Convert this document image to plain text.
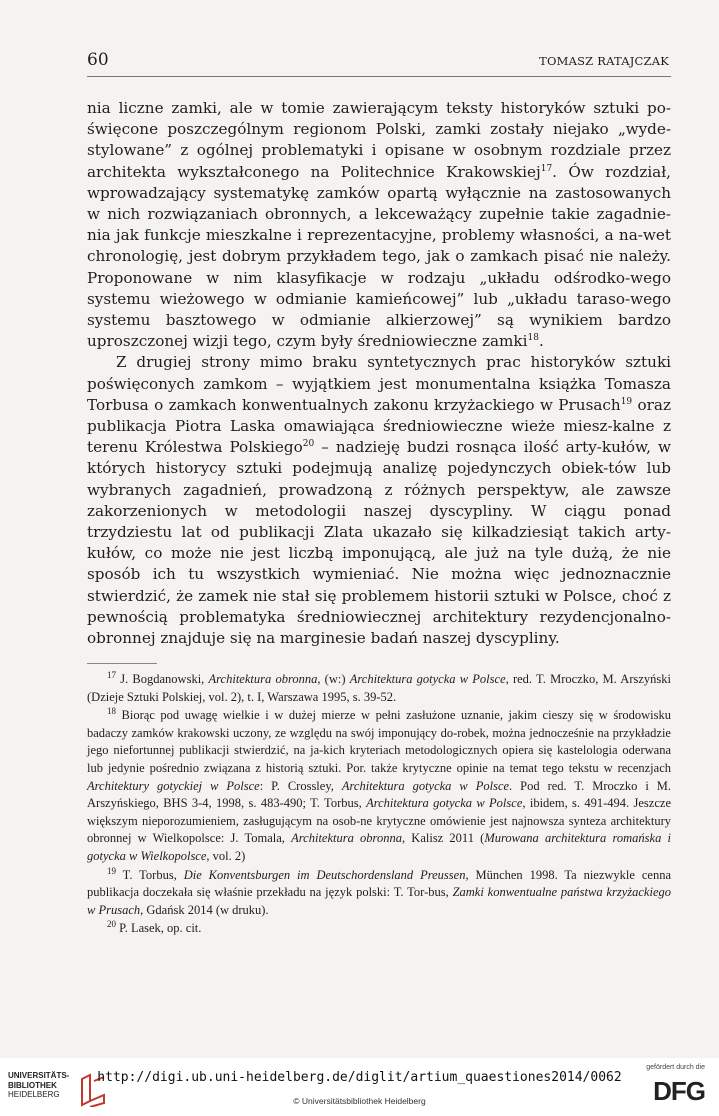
60	TOMASZ RATAJCZAK

nia liczne zamki, ale w tomie zawierającym teksty historyków sztuki po-święcone poszczególnym regionom Polski, zamki zostały niejako „wyde-stylowane” z ogólnej problematyki i opisane w osobnym rozdziale przez architekta wykształconego na Politechnice Krakowskiej$^{17}$. Ów rozdział, wprowadzający systematykę zamków opartą wyłącznie na zastosowanych w nich rozwiązaniach obronnych, a lekceważący zupełnie takie zagadnie-nia jak funkcje mieszkalne i reprezentacyjne, problemy własności, a na-wet chronologię, jest dobrym przykładem tego, jak o zamkach pisać nie należy. Proponowane w nim klasyfikacje w rodzaju „układu odśrodko-wego systemu wieżowego w odmianie kamieńcowej” lub „układu taraso-wego systemu basztowego w odmianie alkierzowej” są wynikiem bardzo uproszczonej wizji tego, czym były średniowieczne zamki$^{18}$.

Z drugiej strony mimo braku syntetycznych prac historyków sztuki poświęconych zamkom – wyjątkiem jest monumentalna książka Tomasza Torbusa o zamkach konwentualnych zakonu krzyżackiego w Prusach$^{19}$ oraz publikacja Piotra Laska omawiająca średniowieczne wieże miesz-kalne z terenu Królestwa Polskiego$^{20}$ – nadzieję budzi rosnąca ilość arty-kułów, w których historycy sztuki podejmują analizę pojedynczych obiek-tów lub wybranych zagadnień, prowadzoną z różnych perspektyw, ale zawsze zakorzenionych w metodologii naszej dyscypliny. W ciągu ponad trzydziestu lat od publikacji Zlata ukazało się kilkadziesiąt takich arty-kułów, co może nie jest liczbą imponującą, ale już na tyle dużą, że nie sposób ich tu wszystkich wymieniać. Nie można więc jednoznacznie stwierdzić, że zamek nie stał się problemem historii sztuki w Polsce, choć z pewnością problematyka średniowiecznej architektury rezydencjonalno-obronnej znajduje się na marginesie badań naszej dyscypliny.

$^{17}$ J. Bogdanowski, Architektura obronna, (w:) Architektura gotycka w Polsce, red. T. Mroczko, M. Arszyński (Dzieje Sztuki Polskiej, vol. 2), t. I, Warszawa 1995, s. 39-52.

$^{18}$ Biorąc pod uwagę wielkie i w dużej mierze w pełni zasłużone uznanie, jakim cieszy się w środowisku badaczy zamków krakowski uczony, ze względu na swój imponujący do-robek, można jednocześnie na przykładzie jego niefortunnej publikacji stwierdzić, na ja-kich kryteriach metodologicznych opiera się kastelologia oderwana lub jedynie pośrednio związana z historią sztuki. Por. także krytyczne opinie na temat tego tekstu w recenzjach Architektury gotyckiej w Polsce: P. Crossley, Architektura gotycka w Polsce. Pod red. T. Mroczko i M. Arszyńskiego, BHS 3-4, 1998, s. 483-490; T. Torbus, Architektura gotycka w Polsce, ibidem, s. 491-494. Jeszcze większym nieporozumieniem, zasługującym na osob-ne krytyczne omówienie jest najnowsza synteza architektury obronnej w Wielkopolsce: J. Tomala, Architektura obronna, Kalisz 2011 (Murowana architektura romańska i gotycka w Wielkopolsce, vol. 2)

$^{19}$ T. Torbus, Die Konventsburgen im Deutschordensland Preussen, München 1998. Ta niezwykle cenna publikacja doczekała się właśnie przekładu na język polski: T. Tor-bus, Zamki konwentualne państwa krzyżackiego w Prusach, Gdańsk 2014 (w druku).

$^{20}$ P. Lasek, op. cit.

UNIVERSITÄTS-
BIBLIOTHEK
HEIDELBERG
http://digi.ub.uni-heidelberg.de/diglit/artium_quaestiones2014/0062
© Universitätsbibliothek Heidelberg
gefördert durch die
DFG
